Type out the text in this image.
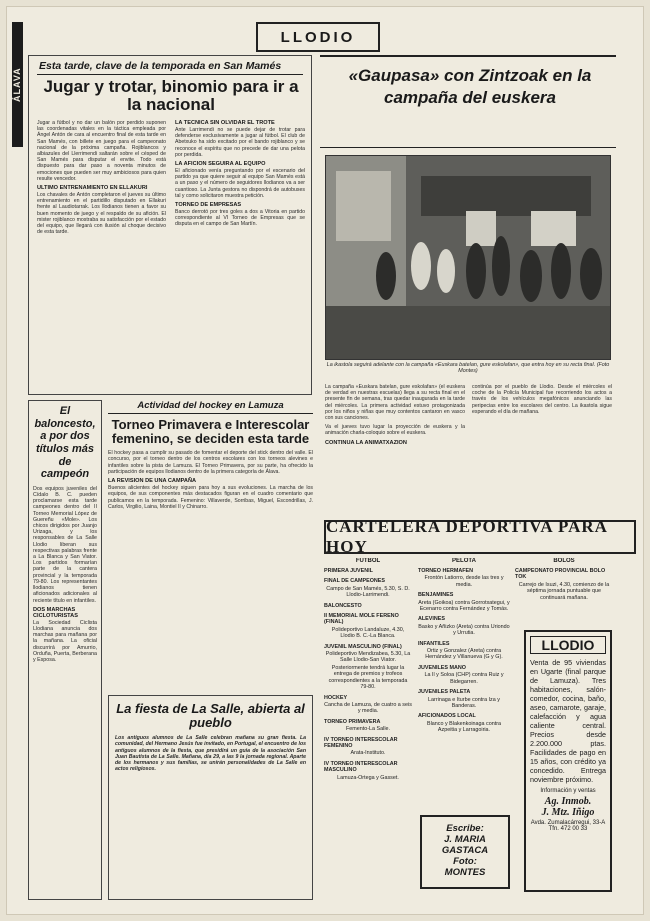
ÁLAVA
LLODIO
Esta tarde, clave de la temporada en San Mamés
Jugar y trotar, binomio para ir a la nacional
Jugar a fútbol y no dar un balón por perdido suponen las coordenadas vitales en la táctica empleada por Ángel Antón de cara al encuentro final de esta tarde en San Mamés, con billete en juego para el campeonato nacional de la próxima campaña. Rojiblancos y albiazules del Llerrimendi saltarán sobre el césped de San Mamés para disputar el envite. Todo está dispuesto para dar paso a noventa minutos de emociones que pueden ser muy ambiciosos para quien resulte vencedor.
ULTIMO ENTRENAMIENTO EN ELLAKURI
Los chavales de Antón completaron el jueves su último entrenamiento en el partidillo disputado en Ellakuri frente al Laudiotarrak. Los llodianos tienen a favor su buen momento de juego y el respaldo de su afición. El mister rojiblanco mostraba su satisfacción por el estado del equipo, que llegará con ilusión al choque decisivo de esta tarde.
LA TECNICA SIN OLVIDAR EL TROTE
Ante Larrimendi no se puede dejar de trotar para defenderse exclusivamente a jugar al fútbol. El club de Abetxuko ha sido excitado por el bando rojiblanco y se reconoce el espíritu que no precede de dar una pelota por perdida.
LA AFICION SEGUIRA AL EQUIPO
El aficionado venía preguntando por el escenario del partido ya que quiere seguir al equipo San Mamés está a un paso y el número de seguidores llodianos va a ser cuantioso. La Junta gestora no dispondrá de autobuses tal y como solicitaron muestra petición.
TORNEO DE EMPRESAS
Banco derrotó por tres goles a dos a Vitoria en partido correspondiente al VI Torneo de Empresas que se disputa en el campo de San Martín.
«Gaupasa» con Zintzoak en la campaña del euskera
La ikastola seguirá adelante con la campaña «Euskara batelan, gure eskolafan», que entra hoy en su recta final. (Foto Montes)
La campaña «Euskara batelan, gure eskolafan» (el euskera de verdad en nuestras escuelas) llega a su recta final en el presente fin de semana, tras quedar inaugurada en la tarde del miércoles. La primera actividad estuvo protagonizada por los niños y niñas que muy contentos cantaron en vasco con sus canciones.
Va el jueves tuvo lugar la proyección de euskera y la animación charla-coloquio sobre el euskera.
CONTINUA LA ANIMATXAZION
continúa por el pueblo de Llodio. Desde el miércoles el coche de la Policía Municipal fue recorriendo los actos a través de los vehículos megafónicos anunciando las peripecias entre los escolares del centro. La ikastola sigue esperando el día de mañana.
El baloncesto, a por dos títulos más de campeón
Dos equipos juveniles del Cídalo B. C. pueden proclamarse esta tarde campeones dentro del II Torneo Memorial López de Guereñu «Mole». Los chicos dirigidos por Juanjo Urizaga, y los responsables de La Salle Llodio liberan sus respectivas palabras frente a La Blanca y San Viator. Los partidos formarían parte de la cantera provincial y la temporada 79-80. Los representantes llodianos tienen aficionados adicionales al reciente título en infantiles.
DOS MARCHAS CICLOTURISTAS
La Sociedad Ciclista Llodiana anuncia dos marchas para mañana por la mañana. La oficial discurrirá por Amurrio, Orduña, Puerta, Berberana y Esposa.
Actividad del hockey en Lamuza
Torneo Primavera e Interescolar femenino, se deciden esta tarde
El hockey pasa a cumplir su pasado de fomentar el deporte del stick dentro del valle. El concurso, por el torneo dentro de los centros escolares con los torneos alevines e infantiles sobre la pista de Lamuza. El Torneo Primavera, por su parte, ha ofrecido la participación de equipos llodianos dentro de la primera categoría de Álava.
LA REVISION DE UNA CAMPAÑA
Buenos alicientes del hockey siguen para hoy a sus evoluciones. La marcha de los equipos, de sus componentes más destacados figuran en el cuadro comentario que publicamos en la temporada. Femenino: Villaverde, Sorribas, Miguel, Escondrillas, J. Carlos, Virgilio, Laina, Montiel II y Chinarro.
La fiesta de La Salle, abierta al pueblo
Los antiguos alumnos de La Salle celebran mañana su gran fiesta. La comunidad, del Hermano Jesús fue invitado, en Portugal, el encuentro de los antiguos alumnos de la fiesta, que presidirá un guia de la asociación San Juan Bautista de La Salle. Mañana, día 29, a las 9 la jornada regional. Aparte de los hermanos y sus familias, se unirán personalidades de La Salle en actos religiosos.
CARTELERA DEPORTIVA PARA HOY
FUTBOL
PRIMERA JUVENIL
FINAL DE CAMPEONES
Campo de San Mamés, 5.30, S. D. Llodio-Larrimendi.
BALONCESTO
II MEMORIAL MOLE FERENO (FINAL)
Polideportivo Landaluze, 4.30, Llodio B. C.-La Blanca.
JUVENIL MASCULINO (FINAL)
Polideportivo Mendizabea, 5.30, La Salle Llodio-San Viator.
Posteriormente tendrá lugar la entrega de premios y trofeos correspondientes a la temporada 79-80.
HOCKEY
Cancha de Lamuza, de cuatro a seis y media.
TORNEO PRIMAVERA
Femento-La Salle.
IV TORNEO INTERESCOLAR FEMENINO
Arata-Instituto.
IV TORNEO INTERESCOLAR MASCULINO
Lamuza-Ortega y Gasset.
PELOTA
TORNEO HERMAFEN
Frontón Latiorro, desde las tres y media.
BENJAMINES
Areta (Goikoa) contra Gorrotxategui, y Ecenarro contra Fernández y Tomás.
ALEVINES
Basko y Añizko (Areta) contra Uriondo y Urrutia.
INFANTILES
Ortiz y Gonzalez (Areta) contra Hernández y Villanueva (G y G).
JUVENILES MANO
La Il y Soloa (CHP) contra Ruiz y Bidegarren.
JUVENILES PALETA
Larrinaga e Iturbe contra Iza y Banderas.
AFICIONADOS LOCAL
Blanco y Blakenkoinaga contra Azpeitia y Larragoiria.
BOLOS
CAMPEONATO PROVINCIAL BOLO TOK
Carrejo de Isuzi, 4.30, comienzo de la séptima jornada puntuable que continuará mañana.
Escribe:
J. MARIA
GASTACA
Foto:
MONTES
LLODIO
Venta de 95 viviendas en Ugarte (final parque de Lamuza). Tres habitaciones, salón-comedor, cocina, baño, aseo, camarote, garaje, calefacción y agua caliente central. Precios desde 2.200.000 ptas. Facilidades de pago en 15 años, con crédito ya concedido. Entrega noviembre próximo.
Información y ventas
Ag. Inmob.
J. Mtz. Iñigo
Avda. Zumalacárregui, 33-A
Tfn. 472 00 33
